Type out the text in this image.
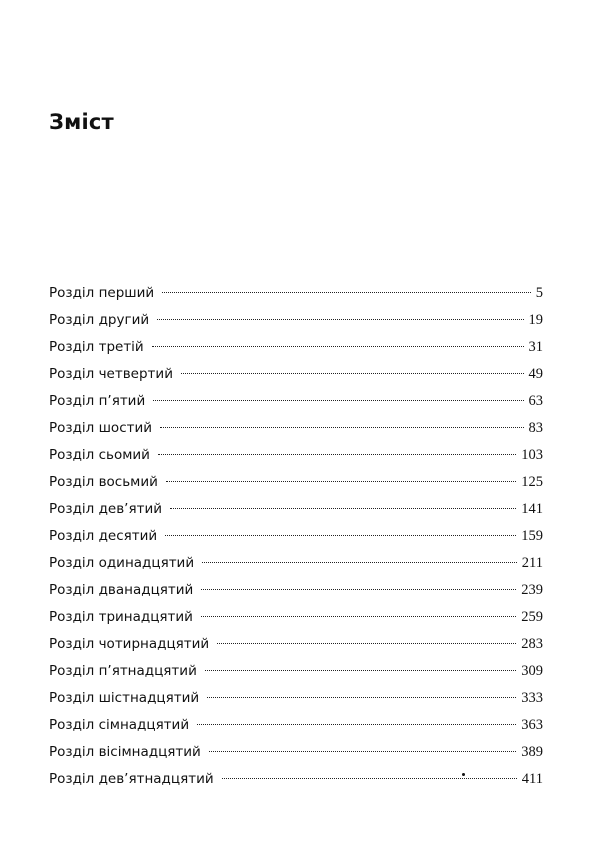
Зміст
Розділ перший	5
Розділ другий	19
Розділ третій	31
Розділ четвертий	49
Розділ п’ятий	63
Розділ шостий	83
Розділ сьомий	103
Розділ восьмий	125
Розділ дев’ятий	141
Розділ десятий	159
Розділ одинадцятий	211
Розділ дванадцятий	239
Розділ тринадцятий	259
Розділ чотирнадцятий	283
Розділ п’ятнадцятий	309
Розділ шістнадцятий	333
Розділ сімнадцятий	363
Розділ вісімнадцятий	389
Розділ дев’ятнадцятий	411
